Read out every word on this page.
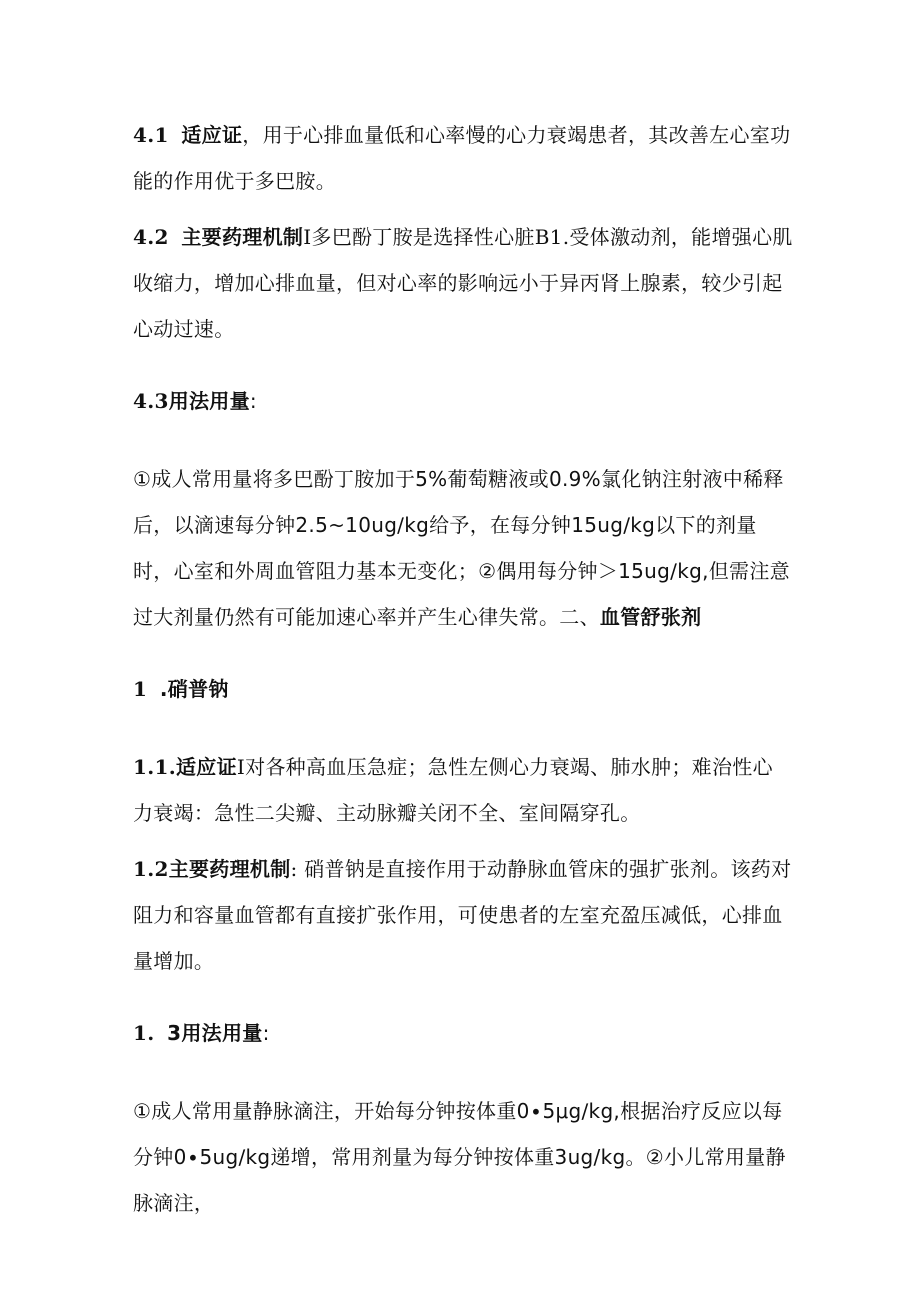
4.1 适应证，用于心排血量低和心率慢的心力衰竭患者，其改善左心室功能的作用优于多巴胺。

4.2 主要药理机制I多巴酚丁胺是选择性心脏B1.受体激动剂，能增强心肌收缩力，增加心排血量，但对心率的影响远小于异丙肾上腺素，较少引起心动过速。

4.3用法用量:

①成人常用量将多巴酚丁胺加于5%葡萄糖液或0.9%氯化钠注射液中稀释后，以滴速每分钟2.5~10ug∕kg给予，在每分钟15ug∕kg以下的剂量时，心室和外周血管阻力基本无变化；②偶用每分钟＞15ug∕kg,但需注意过大剂量仍然有可能加速心率并产生心律失常。二、血管舒张剂

1 .硝普钠

1.1.适应证I对各种高血压急症；急性左侧心力衰竭、肺水肿；难治性心力衰竭：急性二尖瓣、主动脉瓣关闭不全、室间隔穿孔。

1.2主要药理机制: 硝普钠是直接作用于动静脉血管床的强扩张剂。该药对阻力和容量血管都有直接扩张作用，可使患者的左室充盈压减低，心排血量增加。

1. 3用法用量:

①成人常用量静脉滴注，开始每分钟按体重0∙5μg∕kg,根据治疗反应以每分钟0∙5ug∕kg递增，常用剂量为每分钟按体重3ug/kg。②小儿常用量静脉滴注，
